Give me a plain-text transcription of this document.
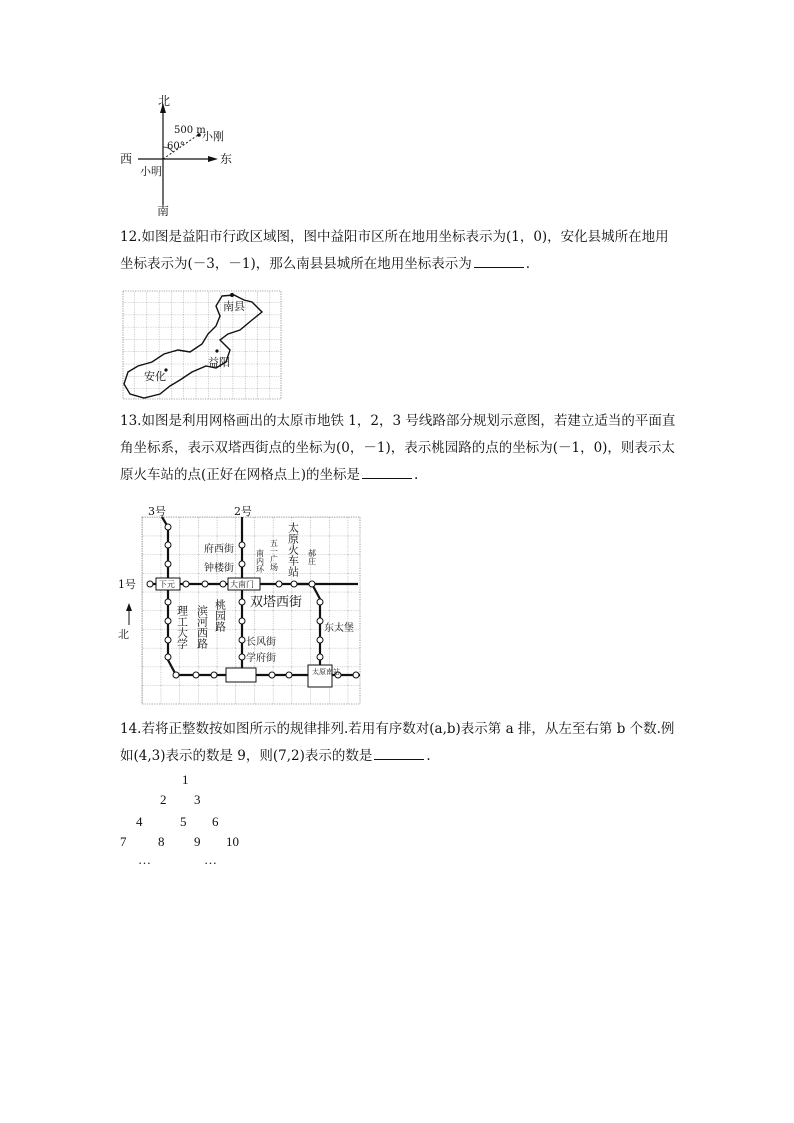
北
南
西	东
500 m
60°
小刚
小明
12.如图是益阳市行政区域图，图中益阳市区所在地用坐标表示为(1，0)，安化县城所在地用坐标表示为(－3，－1)，那么南县县城所在地用坐标表示为	.
南县
益阳
安化
13.如图是利用网格画出的太原市地铁 1，2，3 号线路部分规划示意图，若建立适当的平面直角坐标系，表示双塔西街点的坐标为(0，－1)，表示桃园路的点的坐标为(－1，0)，则表示太原火车站的点(正好在网格点上)的坐标是	.
3号	2号
1号
北
府西街
钟楼街
下元	大南门
双塔西街
长风街
学府街
东太堡
理工大学 滨河西路 桃园路
太原火车站
五一广场
南内环	郝庄
太原南站
14.若将正整数按如图所示的规律排列.若用有序数对(a,b)表示第 a 排，从左至右第 b 个数.例如(4,3)表示的数是 9，则(7,2)表示的数是	.
1
2 3
4	5 6
7 8 9 10
…	…
